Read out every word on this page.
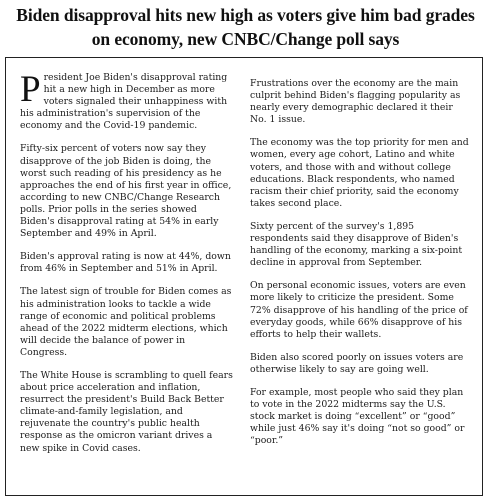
Biden disapproval hits new high as voters give him bad grades on economy, new CNBC/Change poll says

President Joe Biden's disapproval rating hit a new high in December as more voters signaled their unhappiness with his administration's supervision of the economy and the Covid-19 pandemic.

Fifty-six percent of voters now say they disapprove of the job Biden is doing, the worst such reading of his presidency as he approaches the end of his first year in office, according to new CNBC/Change Research polls. Prior polls in the series showed Biden's disapproval rating at 54% in early September and 49% in April.

Biden's approval rating is now at 44%, down from 46% in September and 51% in April.

The latest sign of trouble for Biden comes as his administration looks to tackle a wide range of economic and political problems ahead of the 2022 midterm elections, which will decide the balance of power in Congress.

The White House is scrambling to quell fears about price acceleration and inflation, resurrect the president's Build Back Better climate-and-family legislation, and rejuvenate the country's public health response as the omicron variant drives a new spike in Covid cases.

Frustrations over the economy are the main culprit behind Biden's flagging popularity as nearly every demographic declared it their No. 1 issue.

The economy was the top priority for men and women, every age cohort, Latino and white voters, and those with and without college educations. Black respondents, who named racism their chief priority, said the economy takes second place.

Sixty percent of the survey's 1,895 respondents said they disapprove of Biden's handling of the economy, marking a six-point decline in approval from September.

On personal economic issues, voters are even more likely to criticize the president. Some 72% disapprove of his handling of the price of everyday goods, while 66% disapprove of his efforts to help their wallets.

Biden also scored poorly on issues voters are otherwise likely to say are going well.

For example, most people who said they plan to vote in the 2022 midterms say the U.S. stock market is doing “excellent” or “good” while just 46% say it's doing “not so good” or “poor.”
